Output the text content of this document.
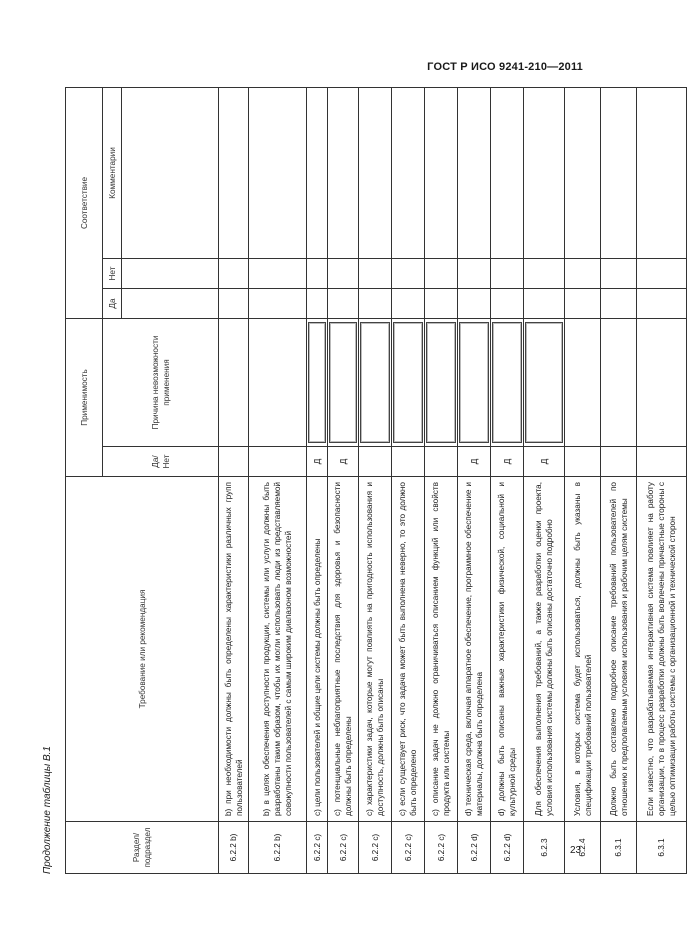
ГОСТ Р ИСО 9241-210—2011
Продолжение таблицы В.1	Раздел/ подраздел	Требование или рекомендация	Применимость		Соответствие		
		Да/Нет	Причина невозможности применения	Да	Нет	Комментарии

6.2.2 b)	b) при необходимости должны быть определены характеристики различных групп пользователей					
6.2.2 b)	b) в целях обеспечения доступности продукции, системы или услуги должны быть разработаны таким образом, чтобы их могли использовать люди из представляемой совокупности пользователей с самым широким диапазоном возможностей					
6.2.2 c)	c) цели пользователей и общие цели системы должны быть определены	Д	

6.2.2 c)	c) потенциальные неблагоприятные последствия для здоровья и безопасности должны быть определены	Д	

6.2.2 c)	c) характеристики задач, которые могут повлиять на пригодность использования и доступность, должны быть описаны		

6.2.2 c)	c) если существует риск, что задача может быть выполнена неверно, то это должно быть определено		

6.2.2 c)	c) описание задач не должно ограничиваться описанием функций или свойств продукта или системы		

6.2.2 d)	d) техническая среда, включая аппаратное обеспечение, программное обеспечение и материалы, должна быть определена	Д	

6.2.2 d)	d) должны быть описаны важные характеристики физической, социальной и культурной среды	Д	

6.2.3	Для обеспечения выполнения требований, а также разработки оценки проекта, условия использования системы должны быть описаны достаточно подробно	Д	

6.2.4	Условия, в которых система будет использоваться, должны быть указаны в спецификации требований пользователей					
6.3.1	Должно быть составлено подробное описание требований пользователей по отношению к предполагаемым условиям использования и рабочим целям системы					
6.3.1	Если известно, что разрабатываемая интерактивная система повлияет на работу организации, то в процесс разработки должны быть вовлечены причастные стороны с целью оптимизации работы системы с организационной и технической сторон					
23
